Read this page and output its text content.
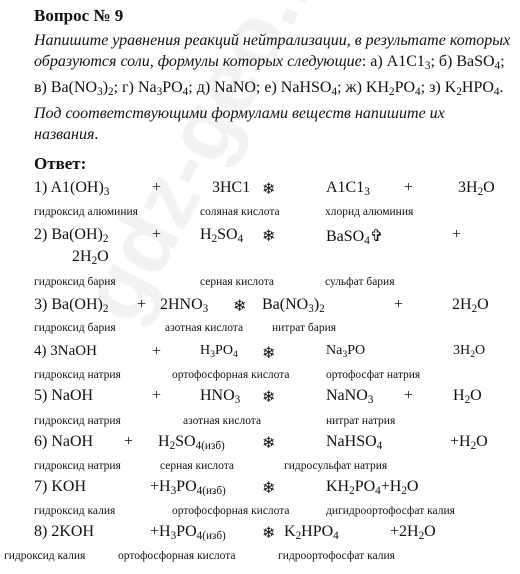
Вопрос № 9
Напишите уравнения реакций нейтрализации, в результате которых образуются соли, формулы которых следующие: а) $A1C1_3$; б) BaSO$_4$; в) $Ba(NO_3)_2$; г) $Na_3PO_4$; д) NaNO; е) NaHSO$_4$; ж) $KH_2PO_4$; з) $K_2HPO_4$. Под соответствующими формулами веществ напишите их названия.
Ответ:
1) $A1(OH)_3$	+	3HC1 ❄	$A1C1_3$ +	$3H_2O$
гидроксид алюминия	соляная кислота	хлорид алюминия
2) $Ba(OH)_2$	+ $H_2SO_4$ ❄	BaSO$_4$✞	+
$2H_2O$
гидроксид бария	серная кислота	сульфат бария
3) $Ba(OH)_2 + 2HNO_3$ ❄ $Ba(NO_3)_2$	+	$2H_2O$
гидроксид бария	азотная кислота	нитрат бария
4) 3NaOH	+	$H_3PO_4$ ❄	$Na_3PO$	$3H_2O$
гидроксид натрия	ортофосфорная кислота	ортофосфат натрия
5) NaOH	+ $HNO_3$ ❄	NaNO$_3$ + $H_2O$
гидроксид натрия	азотная кислота	нитрат натрия
6) NaOH + $H_2SO_{4(изб)}$ ❄	NaHSO$_4$	$+H_2O$
гидроксид натрия	серная кислота	гидросульфат натрия
7) KOH	$+H_3PO_{4(изб)}$ ❄	$KH_2PO_4+H_2O$
гидроксид калия	ортофосфорная кислота	дигидроортофосфат калия
8) 2KOH	$+H_3PO_{4(изб)}$ ❄ $K_2HPO_4$	$+2H_2O$
гидроксид калия	ортофосфорная кислота	гидроортофосфат калия
